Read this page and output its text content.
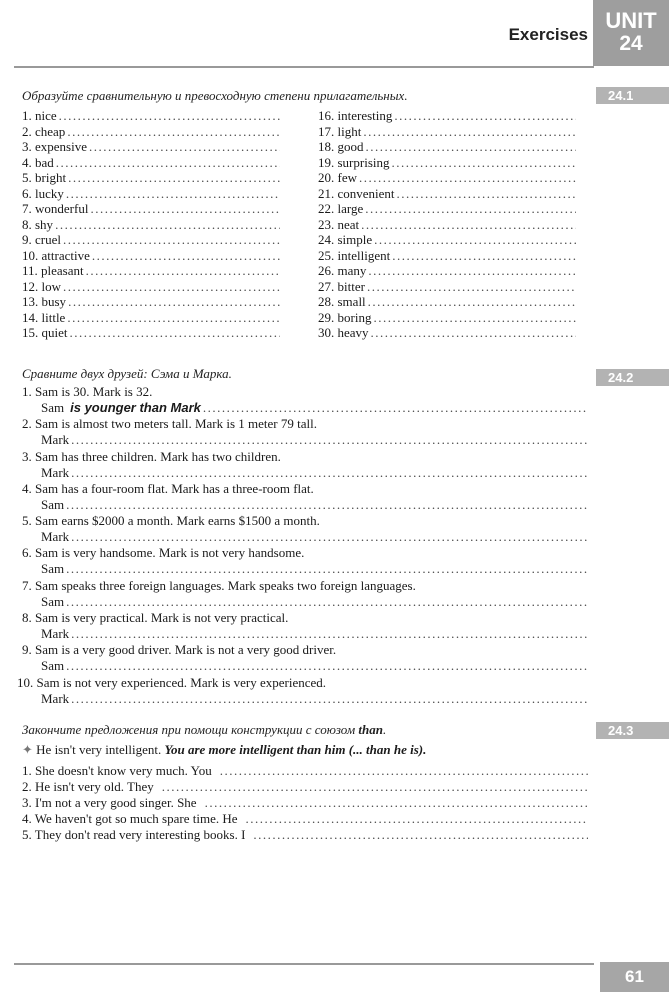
Exercises
UNIT
24
24.1
Образуйте сравнительную и превосходную степени прилагательных.
1. nice
.....
2. cheap
.....
3. expensive
.....
4. bad
.....
5. bright
.....
6. lucky
.....
7. wonderful
.....
8. shy
.....
9. cruel
.....
10. attractive
.....
11. pleasant
.....
12. low
.....
13. busy
.....
14. little
.....
15. quiet
.....
16. interesting
.....
17. light
.....
18. good
.....
19. surprising
.....
20. few
.....
21. convenient
.....
22. large
.....
23. neat
.....
24. simple
.....
25. intelligent
.....
26. many
.....
27. bitter
.....
28. small
.....
29. boring
.....
30. heavy
.....
24.2
Сравните двух друзей: Сэма и Марка.
1. Sam is 30. Mark is 32.
Sam is younger than Mark
.....
2. Sam is almost two meters tall. Mark is 1 meter 79 tall.
Mark
.....
3. Sam has three children. Mark has two children.
Mark
.....
4. Sam has a four-room flat. Mark has a three-room flat.
Sam
.....
5. Sam earns $2000 a month. Mark earns $1500 a month.
Mark
.....
6. Sam is very handsome. Mark is not very handsome.
Sam
.....
7. Sam speaks three foreign languages. Mark speaks two foreign languages.
Sam
.....
8. Sam is very practical. Mark is not very practical.
Mark
.....
9. Sam is a very good driver. Mark is not a very good driver.
Sam
.....
10. Sam is not very experienced. Mark is very experienced.
Mark
.....
24.3
Закончите предложения при помощи конструкции с союзом than.
✦ He isn't very intelligent. You are more intelligent than him (... than he is).
1. She doesn't know very much. You
.....
2. He isn't very old. They
.....
3. I'm not a very good singer. She
.....
4. We haven't got so much spare time. He
.....
5. They don't read very interesting books. I
.....
61
